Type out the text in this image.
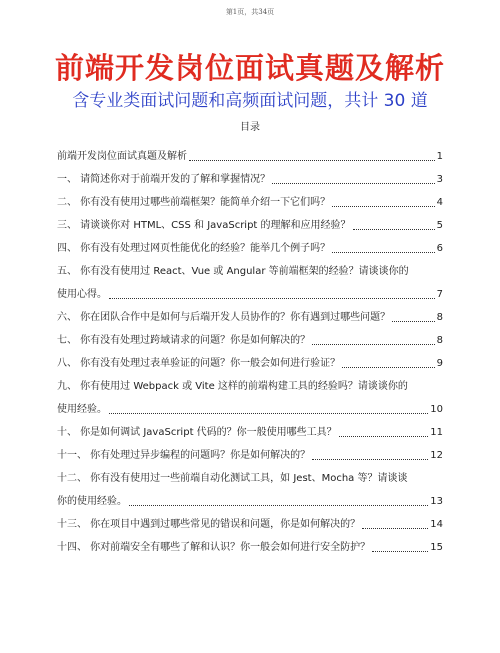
第1页，共34页
前端开发岗位面试真题及解析
含专业类面试问题和高频面试问题，共计 30 道
目录
前端开发岗位面试真题及解析	1
一、 请简述你对于前端开发的了解和掌握情况？	3
二、 你有没有使用过哪些前端框架？能简单介绍一下它们吗？	4
三、 请谈谈你对 HTML、CSS 和 JavaScript 的理解和应用经验？	5
四、 你有没有处理过网页性能优化的经验？能举几个例子吗？	6
五、 你有没有使用过 React、Vue 或 Angular 等前端框架的经验？请谈谈你的
使用心得。	7
六、 你在团队合作中是如何与后端开发人员协作的？你有遇到过哪些问题？	8
七、 你有没有处理过跨域请求的问题？你是如何解决的？	8
八、 你有没有处理过表单验证的问题？你一般会如何进行验证？	9
九、 你有使用过 Webpack 或 Vite 这样的前端构建工具的经验吗？请谈谈你的
使用经验。	10
十、 你是如何调试 JavaScript 代码的？你一般使用哪些工具？	11
十一、 你有处理过异步编程的问题吗？你是如何解决的？	12
十二、 你有没有使用过一些前端自动化测试工具，如 Jest、Mocha 等？请谈谈
你的使用经验。	13
十三、 你在项目中遇到过哪些常见的错误和问题，你是如何解决的？	14
十四、 你对前端安全有哪些了解和认识？你一般会如何进行安全防护？	15
